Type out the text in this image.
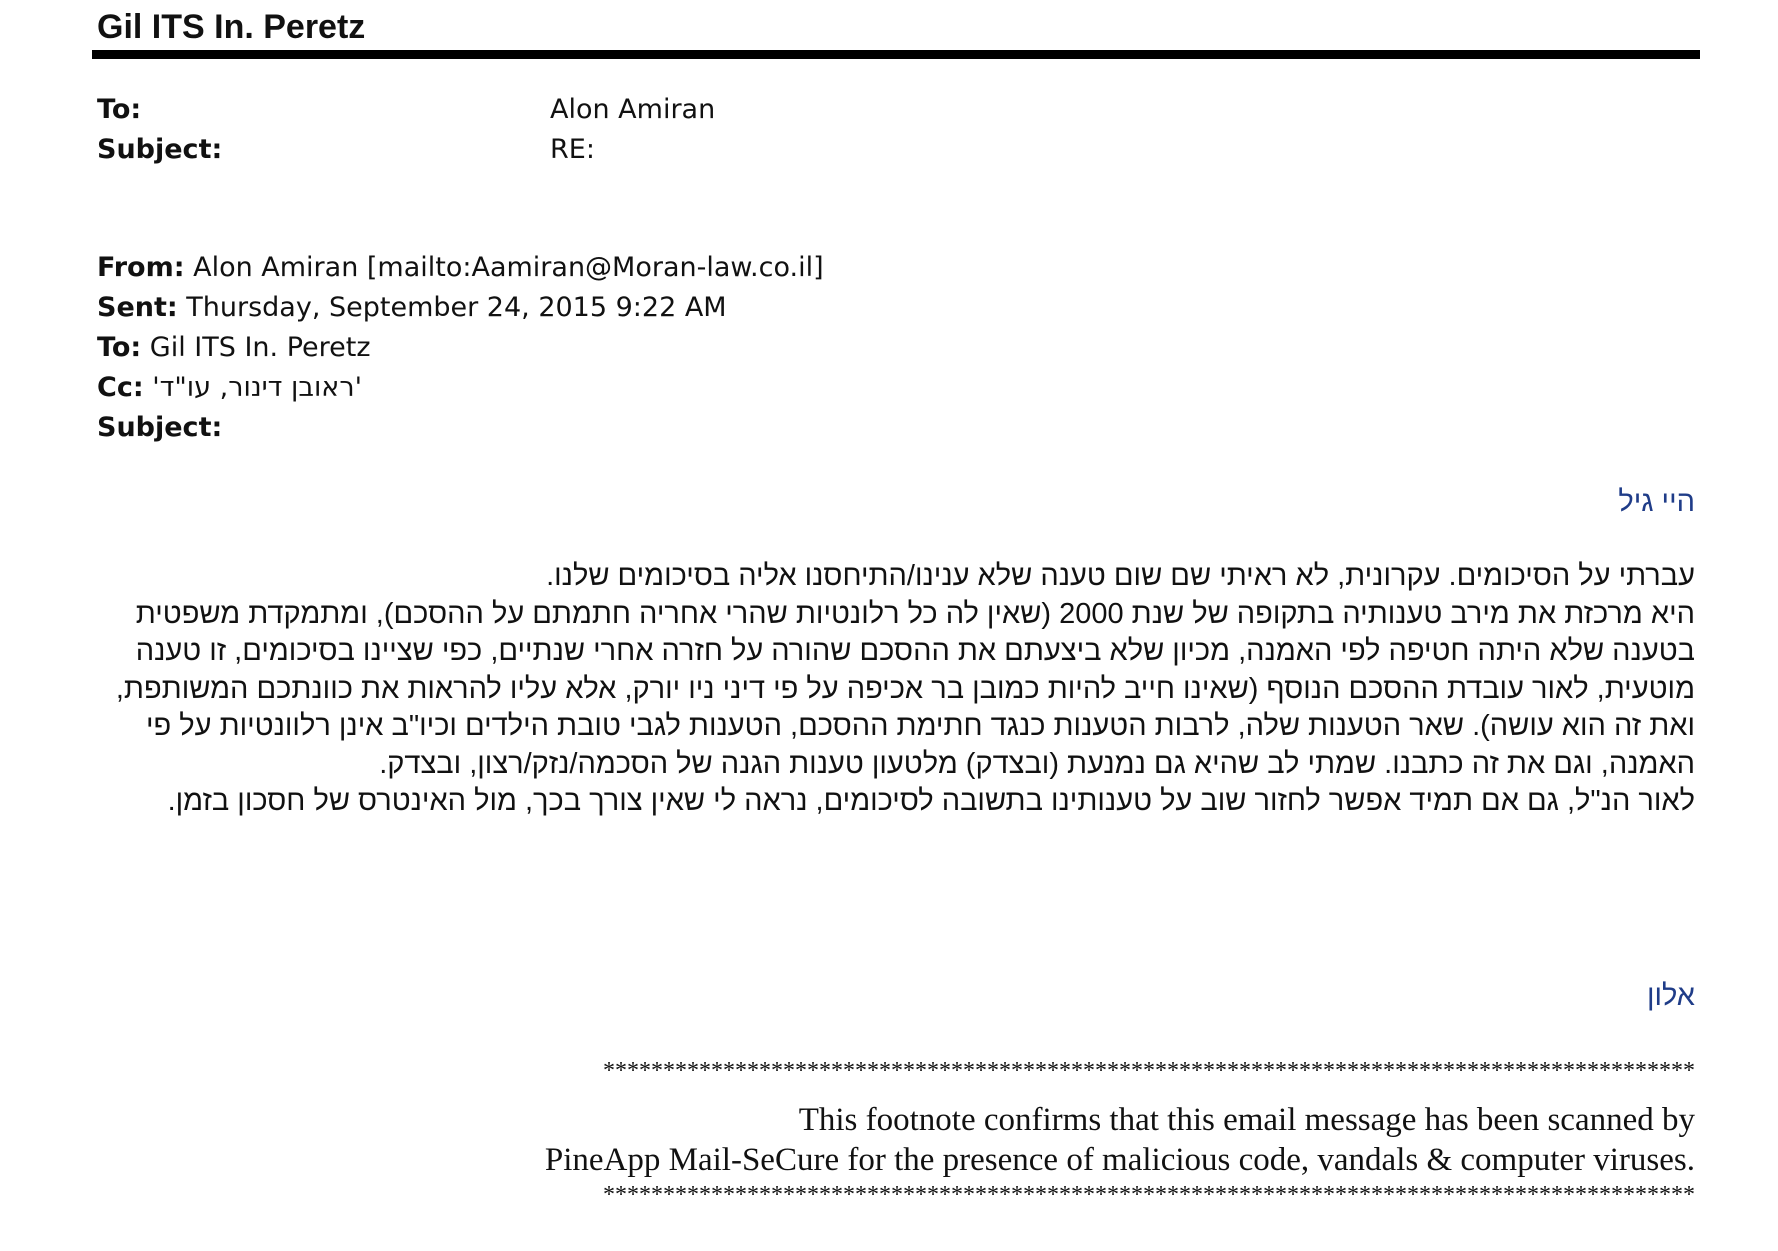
Gil ITS In. Peretz
To:	Alon Amiran
Subject:	RE:
From: Alon Amiran [mailto:Aamiran@Moran-law.co.il]
Sent: Thursday, September 24, 2015 9:22 AM
To: Gil ITS In. Peretz
Cc: 'ראובן דינור, עו"ד'
Subject:
היי גיל

עברתי על הסיכומים. עקרונית, לא ראיתי שם שום טענה שלא ענינו/התיחסנו אליה בסיכומים שלנו.

היא מרכזת את מירב טענותיה בתקופה של שנת 2000 (שאין לה כל רלונטיות שהרי אחריה חתמתם על ההסכם), ומתמקדת משפטית בטענה שלא היתה חטיפה לפי האמנה, מכיון שלא ביצעתם את ההסכם שהורה על חזרה אחרי שנתיים, כפי שציינו בסיכומים, זו טענה מוטעית, לאור עובדת ההסכם הנוסף (שאינו חייב להיות כמובן בר אכיפה על פי דיני ניו יורק, אלא עליו להראות את כוונתכם המשותפת, ואת זה הוא עושה). שאר הטענות שלה, לרבות הטענות כנגד חתימת ההסכם, הטענות לגבי טובת הילדים וכיו"ב אינן רלוונטיות על פי האמנה, וגם את זה כתבנו. שמתי לב שהיא גם נמנעת (ובצדק) מלטעון טענות הגנה של הסכמה/נזק/רצון, ובצדק.

לאור הנ"ל, גם אם תמיד אפשר לחזור שוב על טענותינו בתשובה לסיכומים, נראה לי שאין צורך בכך, מול האינטרס של חסכון בזמן.

אלון
*******************************************************************************************
This footnote confirms that this email message has been scanned by
PineApp Mail-SeCure for the presence of malicious code, vandals & computer viruses.
*******************************************************************************************
